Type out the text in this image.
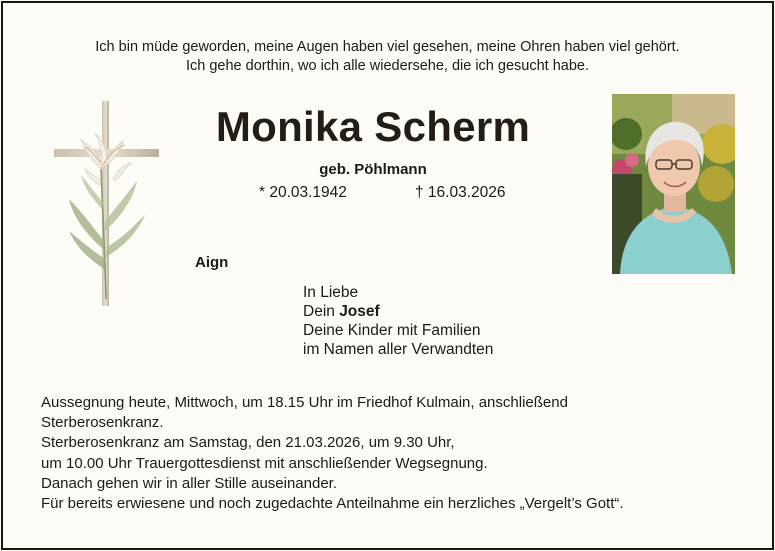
Ich bin müde geworden, meine Augen haben viel gesehen, meine Ohren haben viel gehört.
Ich gehe dorthin, wo ich alle wiedersehe, die ich gesucht habe.
Monika Scherm
geb. Pöhlmann
* 20.03.1942	† 16.03.2026
Aign
In Liebe
Dein Josef
Deine Kinder mit Familien
im Namen aller Verwandten
Aussegnung heute, Mittwoch, um 18.15 Uhr im Friedhof Kulmain, anschließend
Sterberosenkranz.
Sterberosenkranz am Samstag, den 21.03.2026, um 9.30 Uhr,
um 10.00 Uhr Trauergottesdienst mit anschließender Wegsegnung.
Danach gehen wir in aller Stille auseinander.
Für bereits erwiesene und noch zugedachte Anteilnahme ein herzliches „Vergelt’s Gott“.
